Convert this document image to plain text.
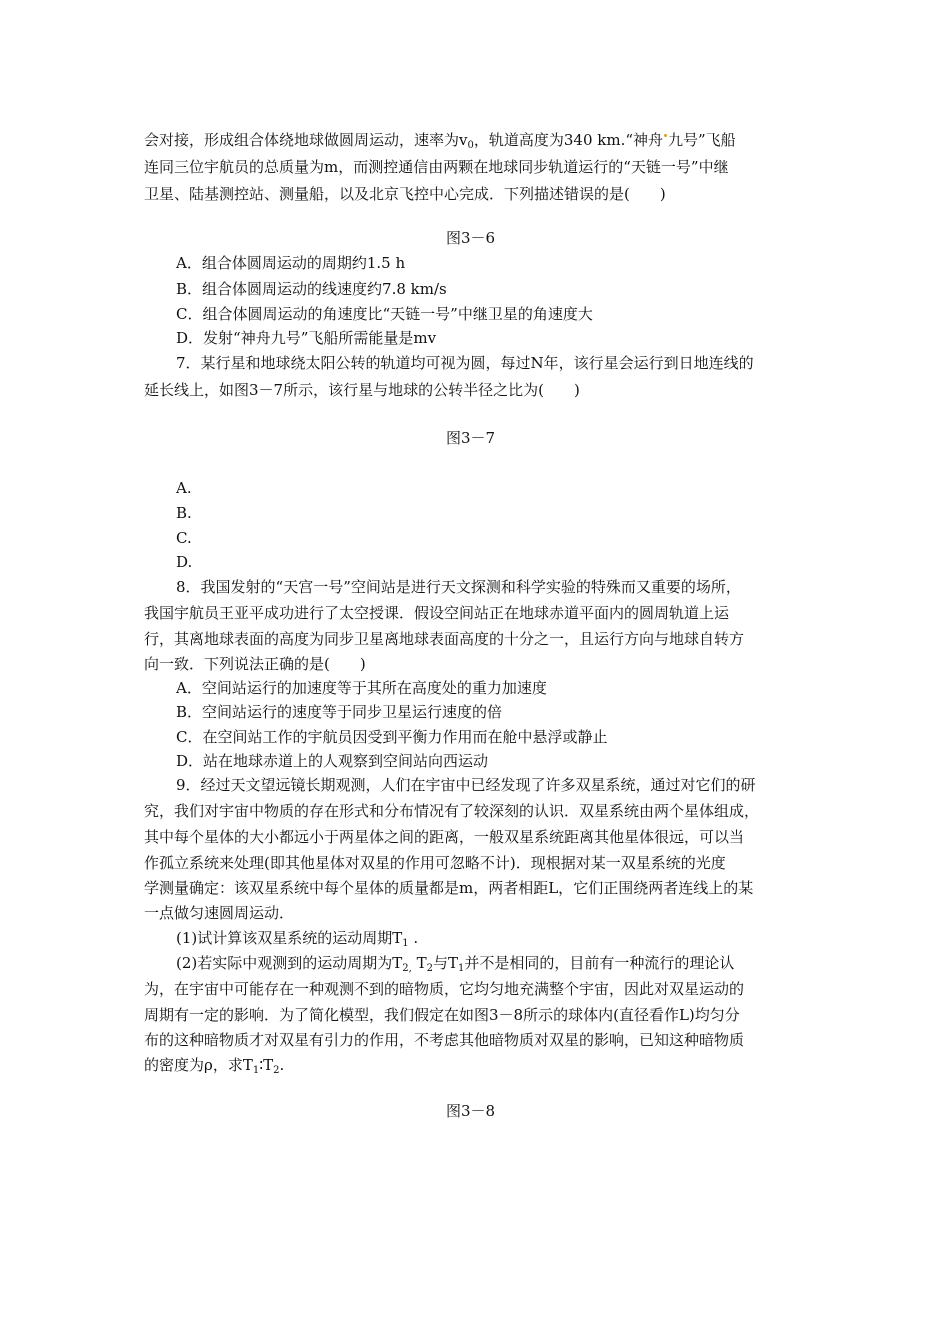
会对接，形成组合体绕地球做圆周运动，速率为$v_0$，轨道高度为340 km.“神舟 九号”飞船
连同三位宇航员的总质量为m，而测控通信由两颗在地球同步轨道运行的“天链一号”中继
卫星、陆基测控站、测量船，以及北京飞控中心完成．下列描述错误的是(　　)
图3－6
A．组合体圆周运动的周期约1.5 h
B．组合体圆周运动的线速度约7.8 km/s
C．组合体圆周运动的角速度比“天链一号”中继卫星的角速度大
D．发射“神舟九号”飞船所需能量是mv
7．某行星和地球绕太阳公转的轨道均可视为圆，每过N年，该行星会运行到日地连线的
延长线上，如图3－7所示，该行星与地球的公转半径之比为(　　)
图3－7
A.
B.
C.
D.
8．我国发射的“天宫一号”空间站是进行天文探测和科学实验的特殊而又重要的场所，
我国宇航员王亚平成功进行了太空授课．假设空间站正在地球赤道平面内的圆周轨道上运
行，其离地球表面的高度为同步卫星离地球表面高度的十分之一，且运行方向与地球自转方
向一致．下列说法正确的是(　　)
A．空间站运行的加速度等于其所在高度处的重力加速度
B．空间站运行的速度等于同步卫星运行速度的倍
C．在空间站工作的宇航员因受到平衡力作用而在舱中悬浮或静止
D．站在地球赤道上的人观察到空间站向西运动
9．经过天文望远镜长期观测，人们在宇宙中已经发现了许多双星系统，通过对它们的研
究，我们对宇宙中物质的存在形式和分布情况有了较深刻的认识．双星系统由两个星体组成，
其中每个星体的大小都远小于两星体之间的距离，一般双星系统距离其他星体很远，可以当
作孤立系统来处理(即其他星体对双星的作用可忽略不计)．现根据对某一双星系统的光度
学测量确定：该双星系统中每个星体的质量都是m，两者相距L，它们正围绕两者连线上的某
一点做匀速圆周运动．
(1)试计算该双星系统的运动周期$T_1$ .
(2)若实际中观测到的运动周期为$T_{2,}$ $T_2$与$T_1$并不是相同的，目前有一种流行的理论认
为，在宇宙中可能存在一种观测不到的暗物质，它均匀地充满整个宇宙，因此对双星运动的
周期有一定的影响．为了简化模型，我们假定在如图3－8所示的球体内(直径看作L)均匀分
布的这种暗物质才对双星有引力的作用，不考虑其他暗物质对双星的影响，已知这种暗物质
的密度为ρ，求$T_1∶T_2$.
图3－8
